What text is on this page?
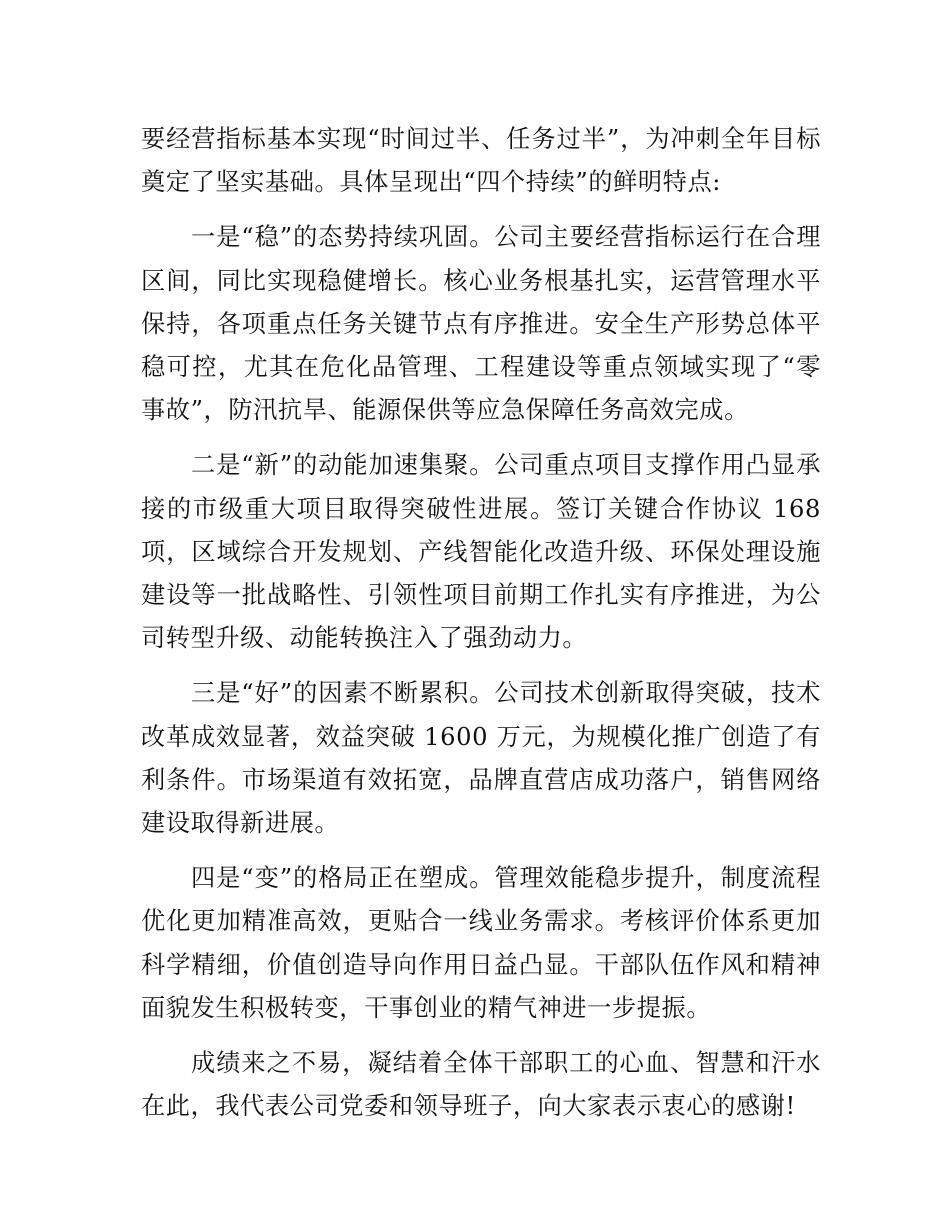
要经营指标基本实现“时间过半、任务过半”，为冲刺全年目标奠定了坚实基础。具体呈现出“四个持续”的鲜明特点:

一是“稳”的态势持续巩固。公司主要经营指标运行在合理区间，同比实现稳健增长。核心业务根基扎实，运营管理水平保持，各项重点任务关键节点有序推进。安全生产形势总体平稳可控，尤其在危化品管理、工程建设等重点领域实现了“零事故”，防汛抗旱、能源保供等应急保障任务高效完成。

二是“新”的动能加速集聚。公司重点项目支撑作用凸显承接的市级重大项目取得突破性进展。签订关键合作协议 168项，区域综合开发规划、产线智能化改造升级、环保处理设施建设等一批战略性、引领性项目前期工作扎实有序推进，为公司转型升级、动能转换注入了强劲动力。

三是“好”的因素不断累积。公司技术创新取得突破，技术改革成效显著，效益突破 1600 万元，为规模化推广创造了有利条件。市场渠道有效拓宽，品牌直营店成功落户，销售网络建设取得新进展。

四是“变”的格局正在塑成。管理效能稳步提升，制度流程优化更加精准高效，更贴合一线业务需求。考核评价体系更加科学精细，价值创造导向作用日益凸显。干部队伍作风和精神面貌发生积极转变，干事创业的精气神进一步提振。

成绩来之不易，凝结着全体干部职工的心血、智慧和汗水在此，我代表公司党委和领导班子，向大家表示衷心的感谢!
